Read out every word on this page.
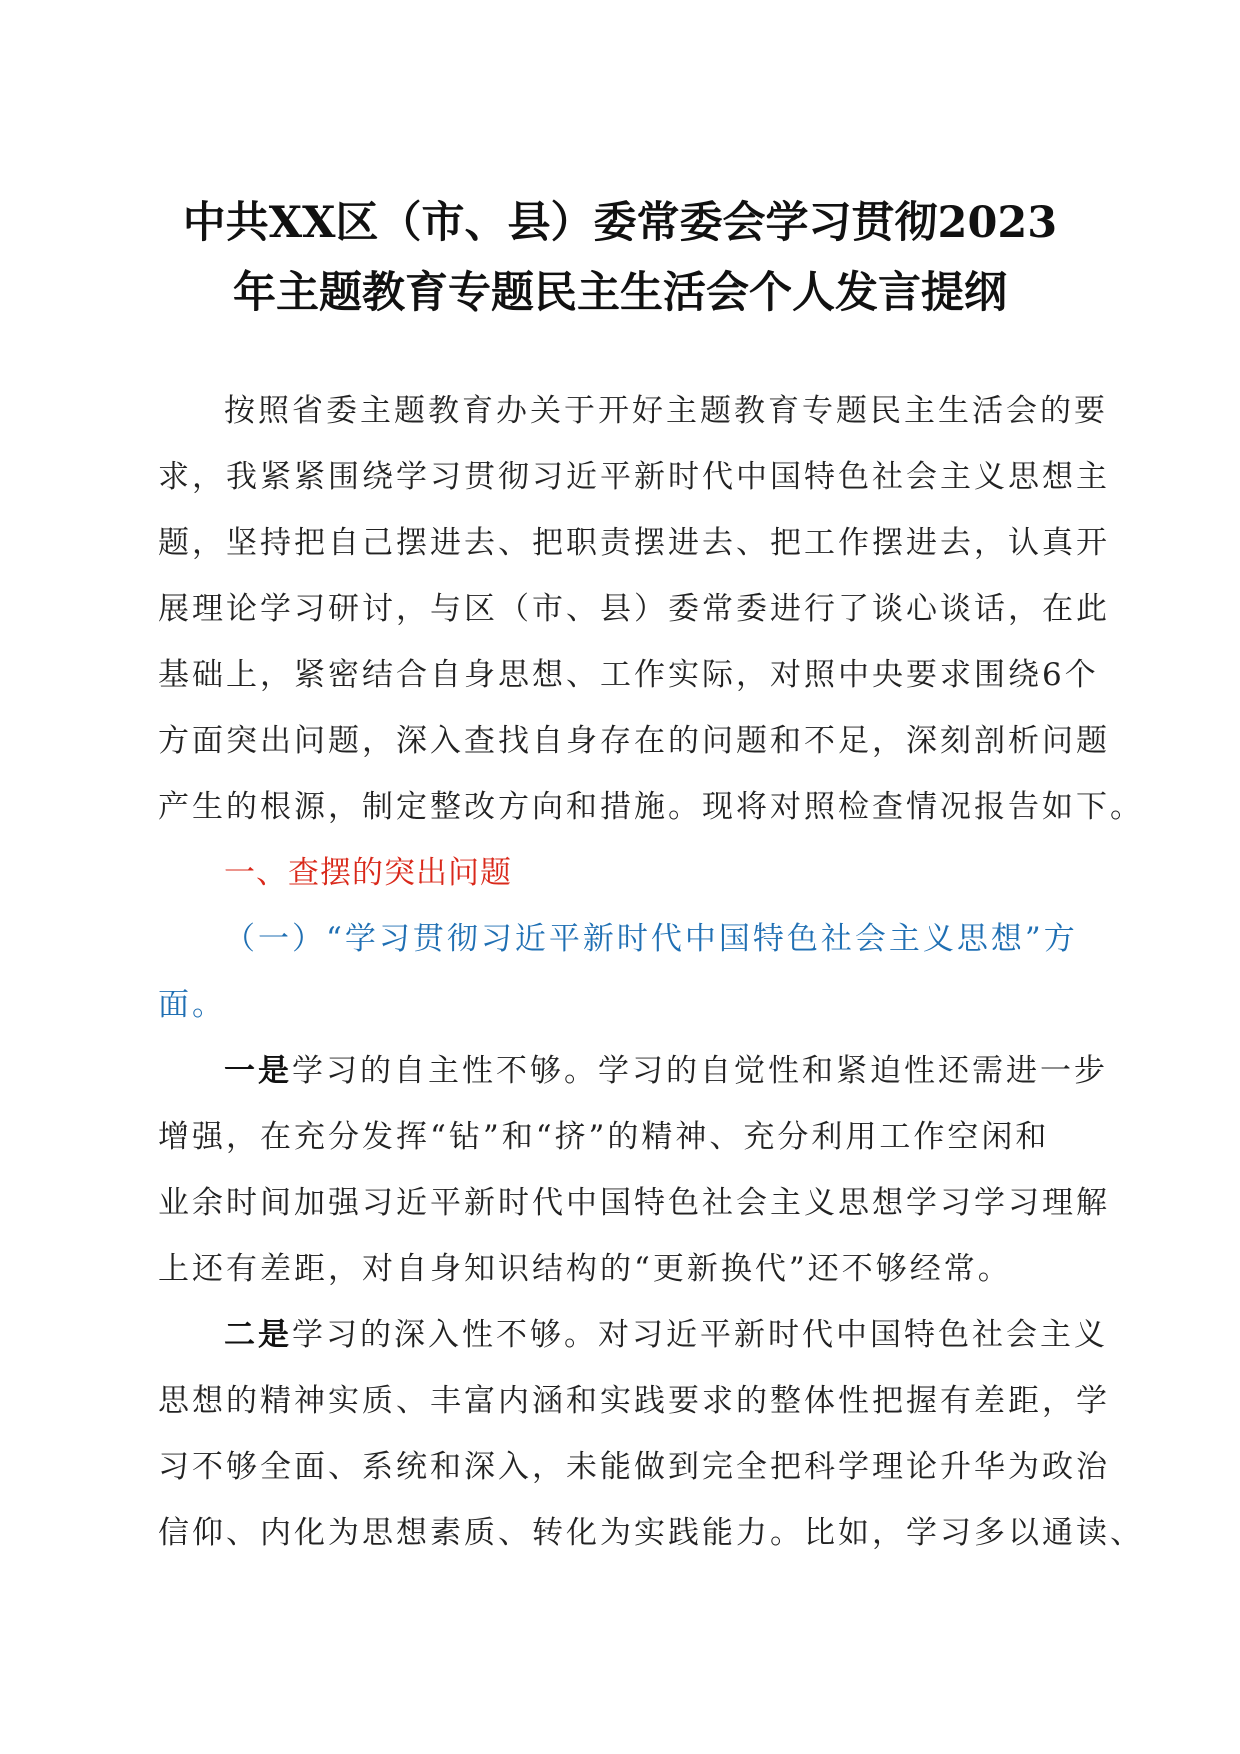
中共XX区（市、县）委常委会学习贯彻2023
年主题教育专题民主生活会个人发言提纲

按照省委主题教育办关于开好主题教育专题民主生活会的要
求，我紧紧围绕学习贯彻习近平新时代中国特色社会主义思想主
题，坚持把自己摆进去、把职责摆进去、把工作摆进去，认真开
展理论学习研讨，与区（市、县）委常委进行了谈心谈话，在此
基础上，紧密结合自身思想、工作实际，对照中央要求围绕6个
方面突出问题，深入查找自身存在的问题和不足，深刻剖析问题
产生的根源，制定整改方向和措施。现将对照检查情况报告如下。

一、查摆的突出问题

（一）“学习贯彻习近平新时代中国特色社会主义思想”方
面。

一是学习的自主性不够。学习的自觉性和紧迫性还需进一步
增强，在充分发挥“钻”和“挤”的精神、充分利用工作空闲和
业余时间加强习近平新时代中国特色社会主义思想学习学习理解
上还有差距，对自身知识结构的“更新换代”还不够经常。

二是学习的深入性不够。对习近平新时代中国特色社会主义
思想的精神实质、丰富内涵和实践要求的整体性把握有差距，学
习不够全面、系统和深入，未能做到完全把科学理论升华为政治
信仰、内化为思想素质、转化为实践能力。比如，学习多以通读、
